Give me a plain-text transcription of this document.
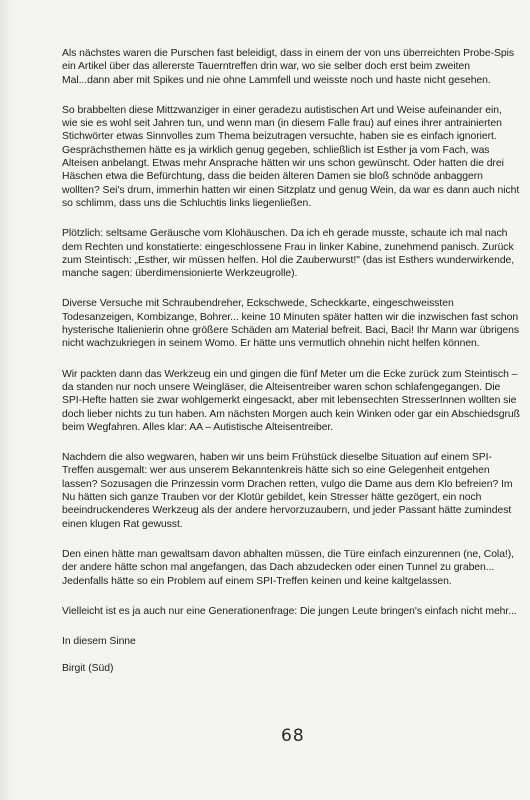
Als nächstes waren die Purschen fast beleidigt, dass in einem der von uns überreichten Probe-Spis ein Artikel über das allererste Tauerntreffen drin war, wo sie selber doch erst beim zweiten Mal...dann aber mit Spikes und nie ohne Lammfell und weisste noch und haste nicht gesehen.

So brabbelten diese Mittzwanziger in einer geradezu autistischen Art und Weise aufeinander ein, wie sie es wohl seit Jahren tun, und wenn man (in diesem Falle frau) auf eines ihrer antrainierten Stichwörter etwas Sinnvolles zum Thema beizutragen versuchte, haben sie es einfach ignoriert. Gesprächsthemen hätte es ja wirklich genug gegeben, schließlich ist Esther ja vom Fach, was Alteisen anbelangt. Etwas mehr Ansprache hätten wir uns schon gewünscht. Oder hatten die drei Häschen etwa die Befürchtung, dass die beiden älteren Damen sie bloß schnöde anbaggern wollten? Sei's drum, immerhin hatten wir einen Sitzplatz und genug Wein, da war es dann auch nicht so schlimm, dass uns die Schluchtis links liegenließen.

Plötzlich: seltsame Geräusche vom Klohäuschen. Da ich eh gerade musste, schaute ich mal nach dem Rechten und konstatierte: eingeschlossene Frau in linker Kabine, zunehmend panisch. Zurück zum Steintisch: „Esther, wir müssen helfen. Hol die Zauberwurst!" (das ist Esthers wunderwirkende, manche sagen: überdimensionierte Werkzeugrolle).

Diverse Versuche mit Schraubendreher, Eckschwede, Scheckkarte, eingeschweissten Todesanzeigen, Kombizange, Bohrer... keine 10 Minuten später hatten wir die inzwischen fast schon hysterische Italienierin ohne größere Schäden am Material befreit. Baci, Baci! Ihr Mann war übrigens nicht wachzukriegen in seinem Womo. Er hätte uns vermutlich ohnehin nicht helfen können.

Wir packten dann das Werkzeug ein und gingen die fünf Meter um die Ecke zurück zum Steintisch – da standen nur noch unsere Weingläser, die Alteisentreiber waren schon schlafengegangen. Die SPI-Hefte hatten sie zwar wohlgemerkt eingesackt, aber mit lebensechten StresserInnen wollten sie doch lieber nichts zu tun haben. Am nächsten Morgen auch kein Winken oder gar ein Abschiedsgruß beim Wegfahren. Alles klar: AA – Autistische Alteisentreiber.

Nachdem die also wegwaren, haben wir uns beim Frühstück dieselbe Situation auf einem SPI-Treffen ausgemalt: wer aus unserem Bekanntenkreis hätte sich so eine Gelegenheit entgehen lassen? Sozusagen die Prinzessin vorm Drachen retten, vulgo die Dame aus dem Klo befreien? Im Nu hätten sich ganze Trauben vor der Klotür gebildet, kein Stresser hätte gezögert, ein noch beeindruckenderes Werkzeug als der andere hervorzuzaubern, und jeder Passant hätte zumindest einen klugen Rat gewusst.

Den einen hätte man gewaltsam davon abhalten müssen, die Türe einfach einzurennen (ne, Cola!), der andere hätte schon mal angefangen, das Dach abzudecken oder einen Tunnel zu graben... Jedenfalls hätte so ein Problem auf einem SPI-Treffen keinen und keine kaltgelassen.

Vielleicht ist es ja auch nur eine Generationenfrage: Die jungen Leute bringen's einfach nicht mehr...

In diesem Sinne

Birgit (Süd)

68
